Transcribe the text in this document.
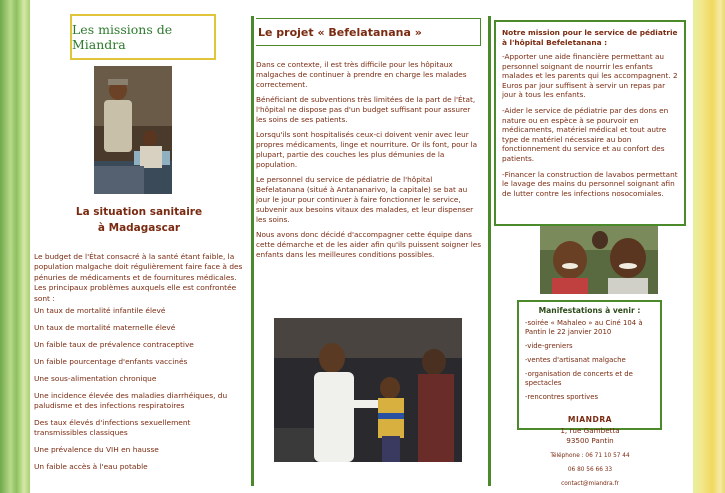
Les missions de Miandra
La situation sanitaire
à Madagascar

Le budget de l'État consacré à la santé étant faible, la population malgache doit régulièrement faire face à des pénuries de médicaments et de fournitures médicales. Les principaux problèmes auxquels elle est confrontée sont :

Un taux de mortalité infantile élevé
Un taux de mortalité maternelle élevé
Un faible taux de prévalence contraceptive
Un faible pourcentage d'enfants vaccinés
Une sous-alimentation chronique
Une incidence élevée des maladies diarrhéiques, du paludisme et des infections respiratoires
Des taux élevés d'infections sexuellement transmissibles classiques
Une prévalence du VIH en hausse
Un faible accès à l'eau potable
Le projet « Befelatanana »

Dans ce contexte, il est très difficile pour les hôpitaux malgaches de continuer à prendre en charge les malades correctement.

Bénéficiant de subventions très limitées de la part de l'État, l'hôpital ne dispose pas d'un budget suffisant pour assurer les soins de ses patients.

Lorsqu'ils sont hospitalisés ceux-ci doivent venir avec leur propres médicaments, linge et nourriture. Or ils font, pour la plupart, partie des couches les plus démunies de la population.

Le personnel du service de pédiatrie de l'hôpital Befelatanana (situé à Antananarivo, la capitale) se bat au jour le jour pour continuer à faire fonctionner le service, subvenir aux besoins vitaux des malades, et leur dispenser les soins.

Nous avons donc décidé d'accompagner cette équipe dans cette démarche et de les aider afin qu'ils puissent soigner les enfants dans les meilleures conditions possibles.

Notre mission pour le service de pédiatrie à l'hôpital Befeletanana :

-Apporter une aide financière permettant au personnel soignant de nourrir les enfants malades et les parents qui les accompagnent. 2 Euros par jour suffisent à servir un repas par jour à tous les enfants.

-Aider le service de pédiatrie par des dons en nature ou en espèce à se pourvoir en médicaments, matériel médical et tout autre type de matériel nécessaire au bon fonctionnement du service et au confort des patients.

-Financer la construction de lavabos permettant le lavage des mains du personnel soignant afin de lutter contre les infections nosocomiales.

Manifestations à venir :
-soirée « Mahaleo » au Ciné 104 à Pantin le 22 janvier 2010
-vide-greniers
-ventes d'artisanat malgache
-organisation de concerts et de spectacles
-rencontres sportives
MIANDRA
1, rue Gambetta
93500 Pantin
Téléphone : 06 71 10 57 44
06 80 56 66 33
contact@miandra.fr
